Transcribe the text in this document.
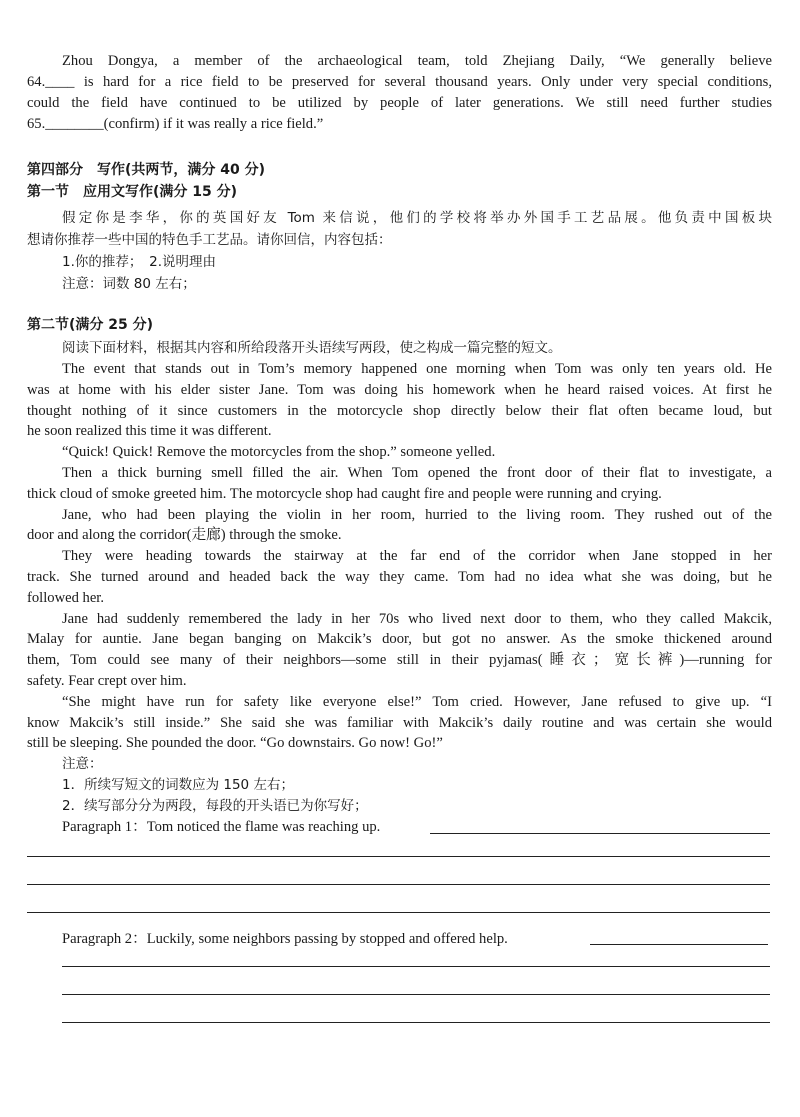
Zhou Dongya, a member of the archaeological team, told Zhejiang Daily, “We generally believe
64.____ is hard for a rice field to be preserved for several thousand years. Only under very special conditions,
could the field have continued to be utilized by people of later generations. We still need further studies
65.________(confirm) if it was really a rice field.”
第四部分　写作(共两节，满分 40 分)
第一节　应用文写作(满分 15 分)
假定你是李华，你的英国好友 Tom 来信说，他们的学校将举办外国手工艺品展。他负责中国板块
想请你推荐一些中国的特色手工艺品。请你回信，内容包括：
1.你的推荐；　2.说明理由
注意：词数 80 左右；
第二节(满分 25 分)
阅读下面材料，根据其内容和所给段落开头语续写两段，使之构成一篇完整的短文。
The event that stands out in Tom’s memory happened one morning when Tom was only ten years old. He
was at home with his elder sister Jane. Tom was doing his homework when he heard raised voices. At first he
thought nothing of it since customers in the motorcycle shop directly below their flat often became loud, but
he soon realized this time it was different.
“Quick! Quick! Remove the motorcycles from the shop.” someone yelled.
Then a thick burning smell filled the air. When Tom opened the front door of their flat to investigate, a
thick cloud of smoke greeted him. The motorcycle shop had caught fire and people were running and crying.
Jane, who had been playing the violin in her room, hurried to the living room. They rushed out of the
door and along the corridor(走廊) through the smoke.
They were heading towards the stairway at the far end of the corridor when Jane stopped in her
track. She turned around and headed back the way they came. Tom had no idea what she was doing, but he
followed her.
Jane had suddenly remembered the lady in her 70s who lived next door to them, who they called Makcik,
Malay for auntie. Jane began banging on Makcik’s door, but got no answer. As the smoke thickened around
them, Tom could see many of their neighbors—some still in their pyjamas(睡衣；宽长裤)—running for
safety. Fear crept over him.
“She might have run for safety like everyone else!” Tom cried. However, Jane refused to give up. “I
know Makcik’s still inside.” She said she was familiar with Makcik’s daily routine and was certain she would
still be sleeping. She pounded the door. “Go downstairs. Go now! Go!”
注意：
1．所续写短文的词数应为 150 左右；
2．续写部分分为两段，每段的开头语已为你写好；
Paragraph 1：Tom noticed the flame was reaching up.
Paragraph 2：Luckily, some neighbors passing by stopped and offered help.
